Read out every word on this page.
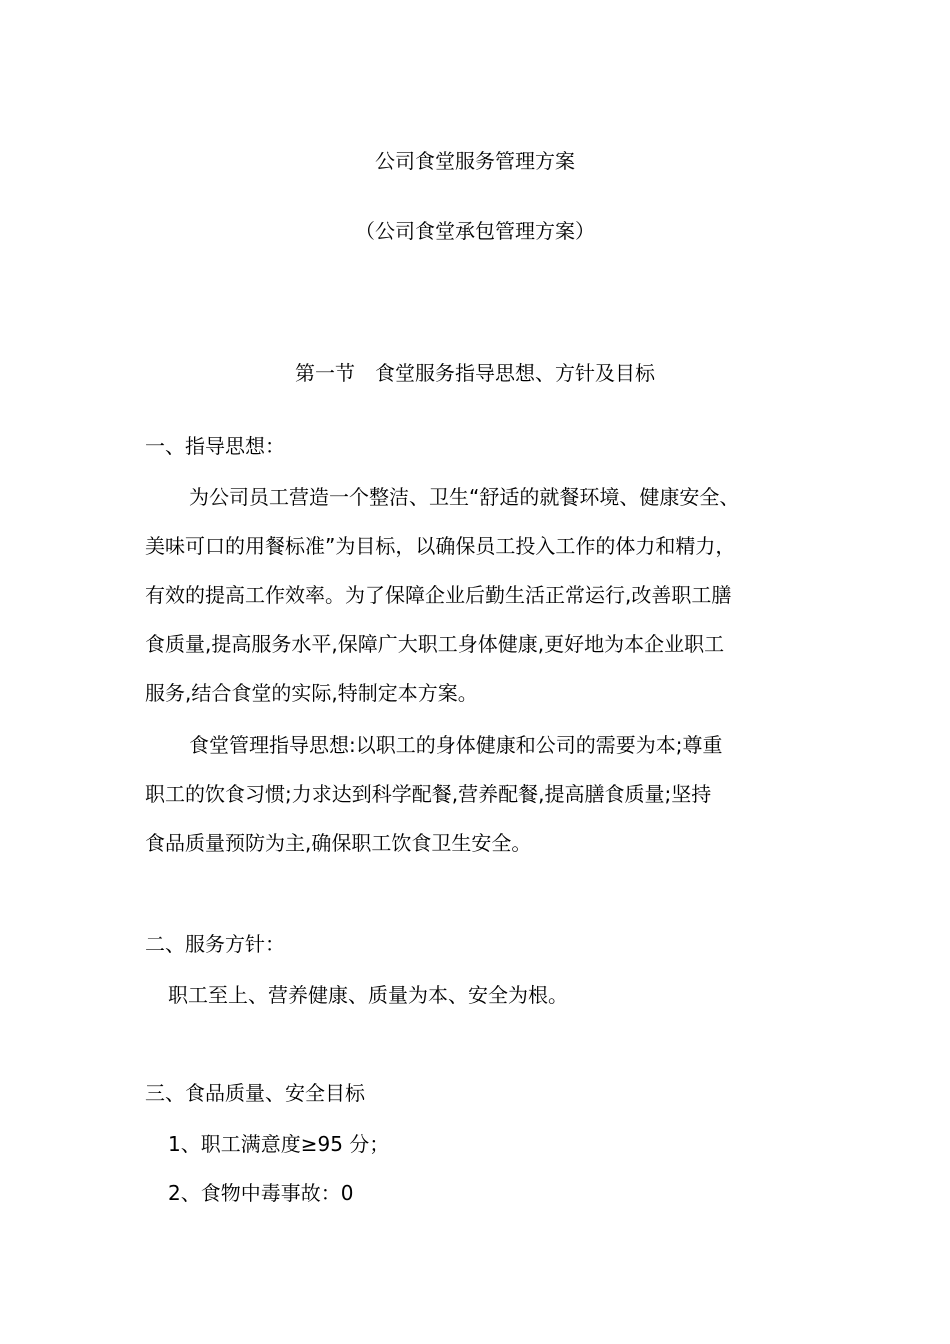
公司食堂服务管理方案
（公司食堂承包管理方案）
第一节　食堂服务指导思想、方针及目标
一、指导思想：
为公司员工营造一个整洁、卫生“舒适的就餐环境、健康安全、
美味可口的用餐标准”为目标，以确保员工投入工作的体力和精力，
有效的提高工作效率。为了保障企业后勤生活正常运行,改善职工膳
食质量,提高服务水平,保障广大职工身体健康,更好地为本企业职工
服务,结合食堂的实际,特制定本方案。
食堂管理指导思想:以职工的身体健康和公司的需要为本;尊重
职工的饮食习惯;力求达到科学配餐,营养配餐,提高膳食质量;坚持
食品质量预防为主,确保职工饮食卫生安全。
二、服务方针：
职工至上、营养健康、质量为本、安全为根。
三、食品质量、安全目标
1、职工满意度≥95 分；
2、食物中毒事故：0
